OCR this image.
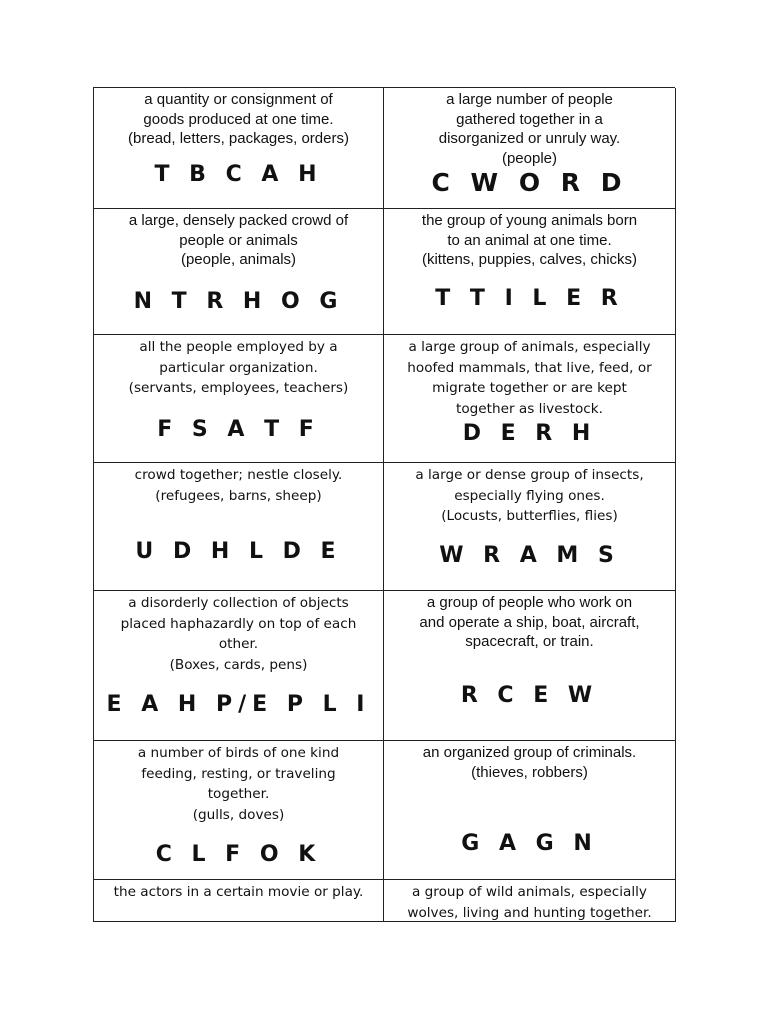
a quantity or consignment of
goods produced at one time.
(bread, letters, packages, orders)

T B C A H

a large number of people
gathered together in a
disorganized or unruly way.
(people)

C W O R D

a large, densely packed crowd of
people or animals
(people, animals)

N T R H O G

the group of young animals born
to an animal at one time.
(kittens, puppies, calves, chicks)

T T I L E R

all the people employed by a
particular organization.
(servants, employees, teachers)

F S A T F

a large group of animals, especially
hoofed mammals, that live, feed, or
migrate together or are kept
together as livestock.

D E R H

crowd together; nestle closely.
(refugees, barns, sheep)

U D H L D E

a large or dense group of insects,
especially flying ones.
(Locusts, butterflies, flies)

W R A M S

a disorderly collection of objects
placed haphazardly on top of each
other.
(Boxes, cards, pens)

E A H P/E P L I

a group of people who work on
and operate a ship, boat, aircraft,
spacecraft, or train.

R C E W

a number of birds of one kind
feeding, resting, or traveling
together.
(gulls, doves)

C L F O K

an organized group of criminals.
(thieves, robbers)

G A G N

the actors in a certain movie or play.	a group of wild animals, especially
wolves, living and hunting together.
